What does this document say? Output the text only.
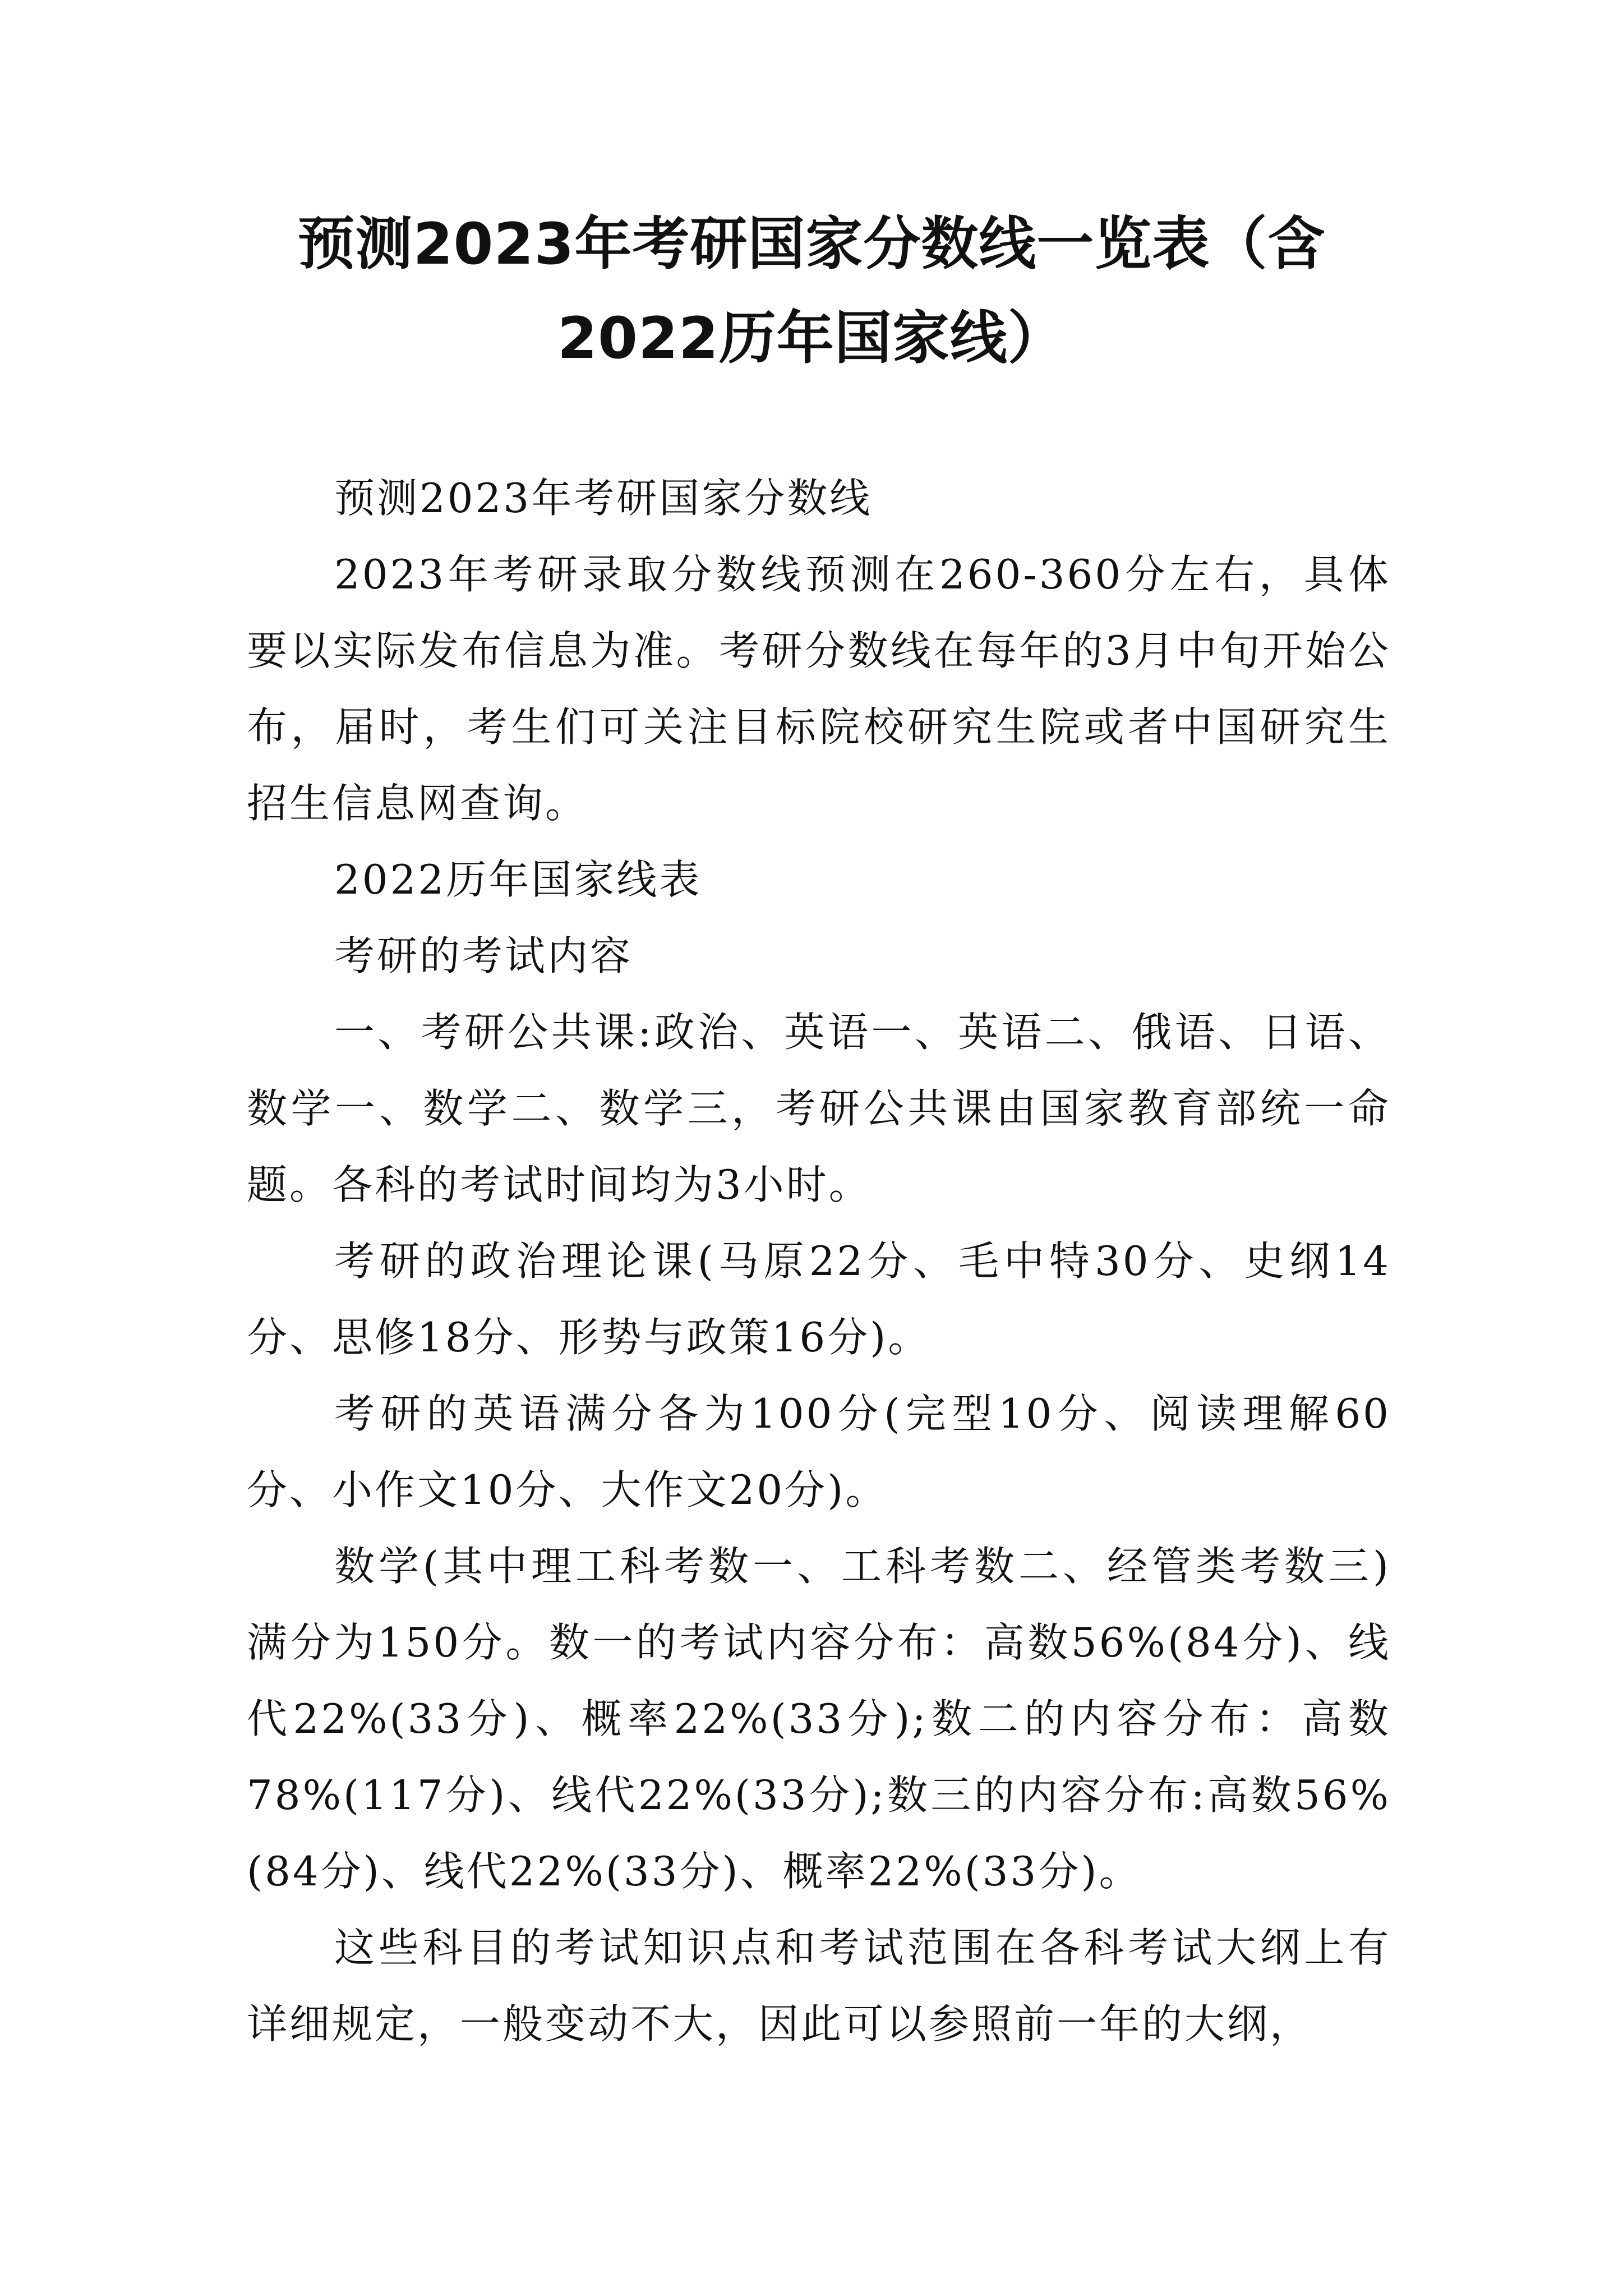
预测2023年考研国家分数线一览表（含
2022历年国家线）

预测2023年考研国家分数线

2023年考研录取分数线预测在260-360分左右，具体要以实际发布信息为准。考研分数线在每年的3月中旬开始公布，届时，考生们可关注目标院校研究生院或者中国研究生招生信息网查询。

2022历年国家线表

考研的考试内容

一、考研公共课:政治、英语一、英语二、俄语、日语、数学一、数学二、数学三，考研公共课由国家教育部统一命题。各科的考试时间均为3小时。

考研的政治理论课(马原22分、毛中特30分、史纲14分、思修18分、形势与政策16分)。

考研的英语满分各为100分(完型10分、阅读理解60分、小作文10分、大作文20分)。

数学(其中理工科考数一、工科考数二、经管类考数三)满分为150分。数一的考试内容分布：高数56%(84分)、线代22%(33分)、概率22%(33分);数二的内容分布：高数78%(117分)、线代22%(33分);数三的内容分布:高数56%(84分)、线代22%(33分)、概率22%(33分)。

这些科目的考试知识点和考试范围在各科考试大纲上有详细规定，一般变动不大，因此可以参照前一年的大纲，
